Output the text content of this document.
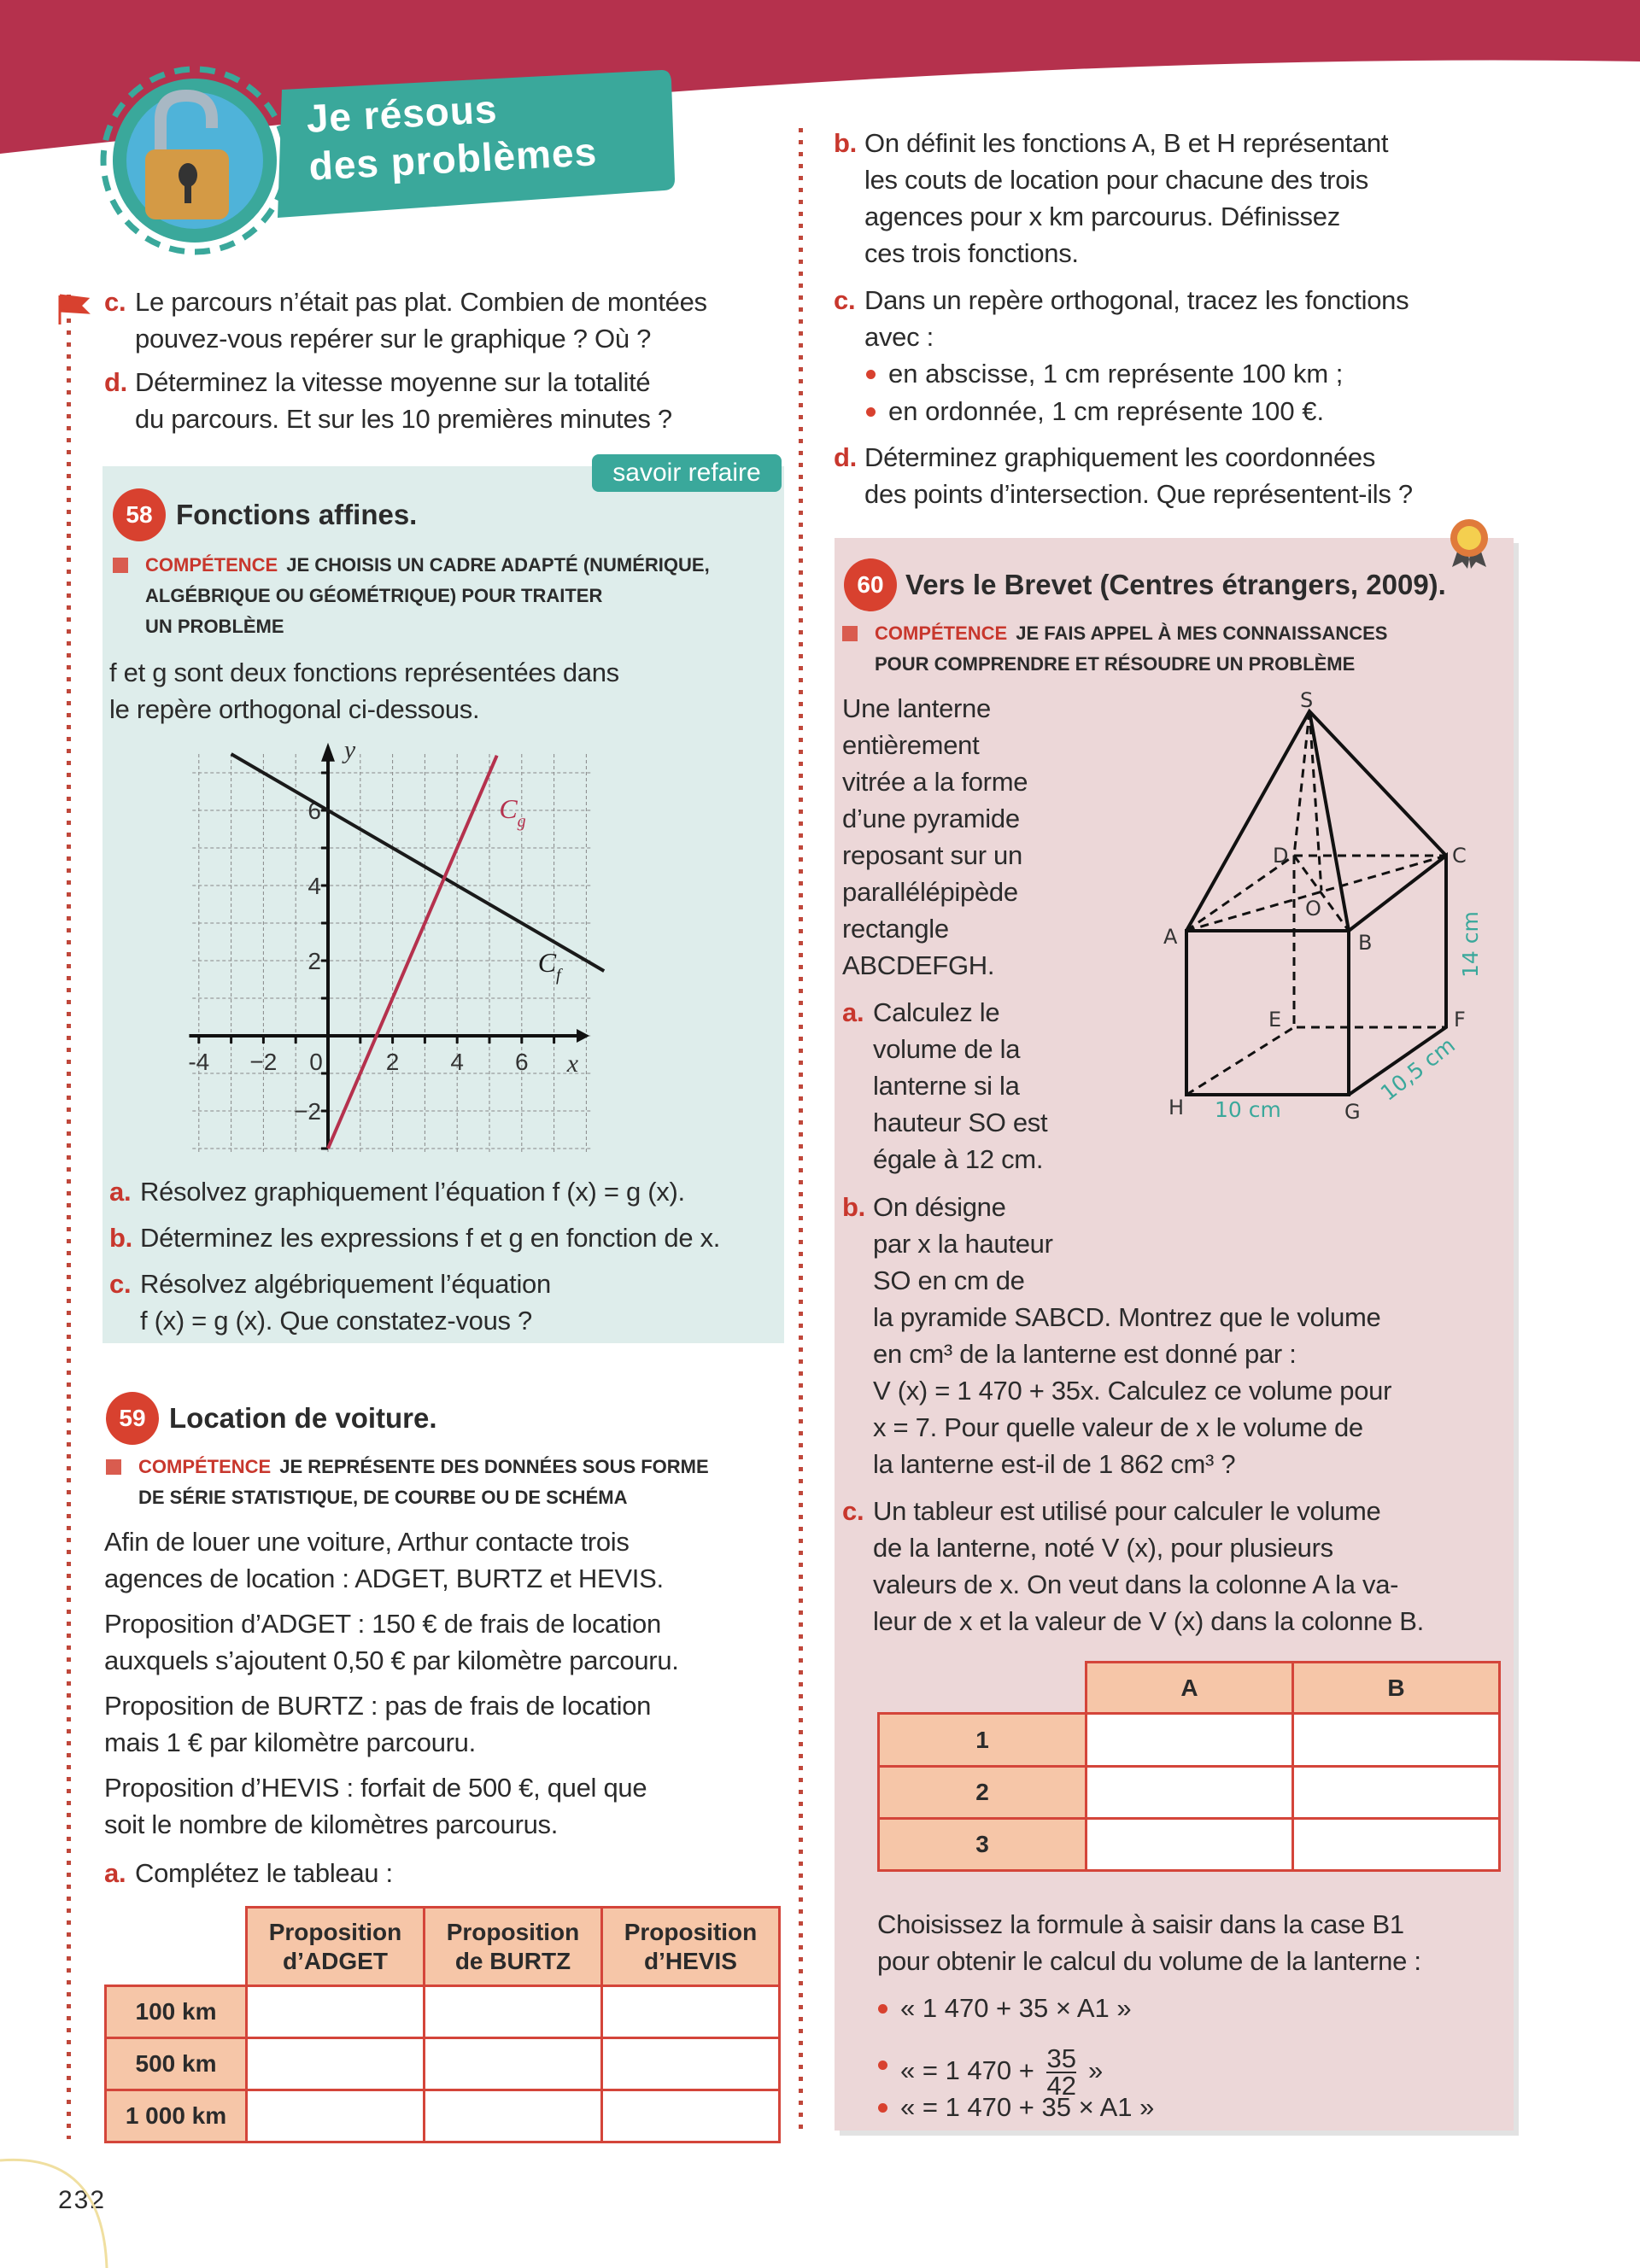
Je résous
des problèmes
c. Le parcours n’était pas plat. Combien de montées
pouvez-vous repérer sur le graphique ? Où ?
d. Déterminez la vitesse moyenne sur la totalité
du parcours. Et sur les 10 premières minutes ?
savoir refaire
58 Fonctions affines.
COMPÉTENCE JE CHOISIS UN CADRE ADAPTÉ (NUMÉRIQUE,
ALGÉBRIQUE OU GÉOMÉTRIQUE) POUR TRAITER
UN PROBLÈME
f et g sont deux fonctions représentées dans
le repère orthogonal ci-dessous.
-4 −2 0	2 4 6
6
4
2
−2
x
y
$C_f$
$C_g$
a. Résolvez graphiquement l’équation f (x) = g (x).
b. Déterminez les expressions f et g en fonction de x.
c. Résolvez algébriquement l’équation
f (x) = g (x). Que constatez-vous ?
59 Location de voiture.
COMPÉTENCE JE REPRÉSENTE DES DONNÉES SOUS FORME
DE SÉRIE STATISTIQUE, DE COURBE OU DE SCHÉMA
Afin de louer une voiture, Arthur contacte trois
agences de location : ADGET, BURTZ et HEVIS.
Proposition d’ADGET : 150 € de frais de location
auxquels s’ajoutent 0,50 € par kilomètre parcouru.
Proposition de BURTZ : pas de frais de location
mais 1 € par kilomètre parcouru.
Proposition d’HEVIS : forfait de 500 €, quel que
soit le nombre de kilomètres parcourus.
a. Complétez le tableau :
	Proposition
d’ADGET	Proposition
de BURTZ	Proposition
d’HEVIS
100 km			
500 km			
1 000 km			
232
b. On définit les fonctions A, B et H représentant
les couts de location pour chacune des trois
agences pour x km parcourus. Définissez
ces trois fonctions.
c. Dans un repère orthogonal, tracez les fonctions
avec :
en abscisse, 1 cm représente 100 km ;
en ordonnée, 1 cm représente 100 €.
d. Déterminez graphiquement les coordonnées
des points d’intersection. Que représentent-ils ?
60 Vers le Brevet (Centres étrangers, 2009).
COMPÉTENCE JE FAIS APPEL À MES CONNAISSANCES
POUR COMPRENDRE ET RÉSOUDRE UN PROBLÈME
Une lanterne
entièrement
vitrée a la forme
d’une pyramide
reposant sur un
parallélépipède
rectangle
ABCDEFGH.
a. Calculez le
volume de la
lanterne si la
hauteur SO est
égale à 12 cm.
b. On désigne
par x la hauteur
SO en cm de
la pyramide SABCD. Montrez que le volume
en cm³ de la lanterne est donné par :
V (x) = 1 470 + 35x. Calculez ce volume pour
x = 7. Pour quelle valeur de x le volume de
la lanterne est-il de 1 862 cm³ ?
c. Un tableur est utilisé pour calculer le volume
de la lanterne, noté V (x), pour plusieurs
valeurs de x. On veut dans la colonne A la va-
leur de x et la valeur de V (x) dans la colonne B.
S
A	B
C
D
O
E	F
G
H 10 cm
10,5 cm
14 cm
	A	B
1		
2		
3		
Choisissez la formule à saisir dans la case B1
pour obtenir le calcul du volume de la lanterne :
« 1 470 + 35 × A1 »
« = 1 $470 + \frac{35}{42}$ »
« = 1 470 + 35 × A1 »
